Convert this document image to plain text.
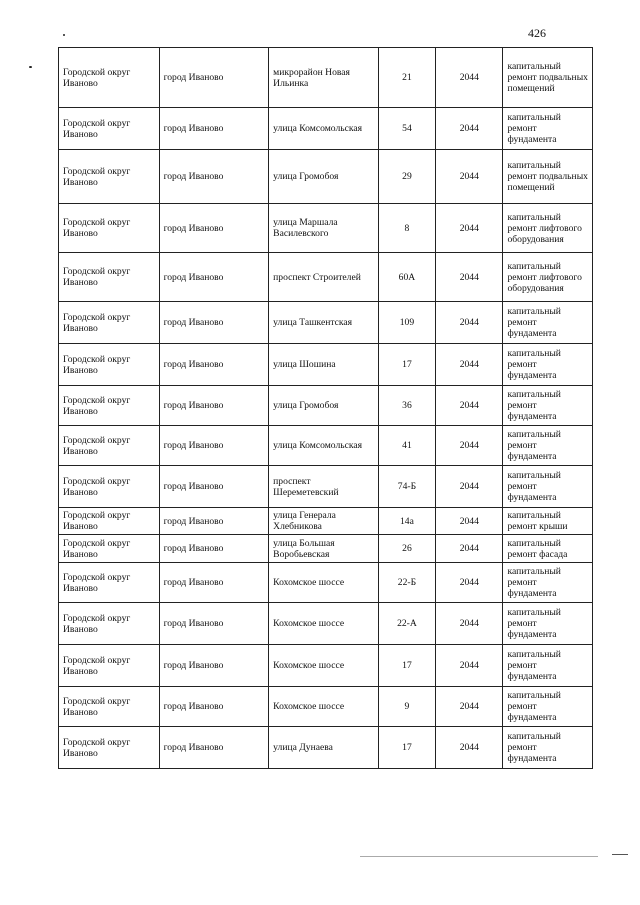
426
Городской округ Иваново	город Иваново	микрорайон Новая Ильинка	21	2044	капитальный ремонт подвальных помещений
Городской округ Иваново	город Иваново	улица Комсомольская	54	2044	капитальный ремонт фундамента
Городской округ Иваново	город Иваново	улица Громобоя	29	2044	капитальный ремонт подвальных помещений
Городской округ Иваново	город Иваново	улица Маршала Василевского	8	2044	капитальный ремонт лифтового оборудования
Городской округ Иваново	город Иваново	проспект Строителей	60А	2044	капитальный ремонт лифтового оборудования
Городской округ Иваново	город Иваново	улица Ташкентская	109	2044	капитальный ремонт фундамента
Городской округ Иваново	город Иваново	улица Шошина	17	2044	капитальный ремонт фундамента
Городской округ Иваново	город Иваново	улица Громобоя	36	2044	капитальный ремонт фундамента
Городской округ Иваново	город Иваново	улица Комсомольская	41	2044	капитальный ремонт фундамента
Городской округ Иваново	город Иваново	проспект Шереметевский	74-Б	2044	капитальный ремонт фундамента
Городской округ Иваново	город Иваново	улица Генерала Хлебникова	14а	2044	капитальный ремонт крыши
Городской округ Иваново	город Иваново	улица Большая Воробьевская	26	2044	капитальный ремонт фасада
Городской округ Иваново	город Иваново	Кохомское шоссе	22-Б	2044	капитальный ремонт фундамента
Городской округ Иваново	город Иваново	Кохомское шоссе	22-А	2044	капитальный ремонт фундамента
Городской округ Иваново	город Иваново	Кохомское шоссе	17	2044	капитальный ремонт фундамента
Городской округ Иваново	город Иваново	Кохомское шоссе	9	2044	капитальный ремонт фундамента
Городской округ Иваново	город Иваново	улица Дунаева	17	2044	капитальный ремонт фундамента
